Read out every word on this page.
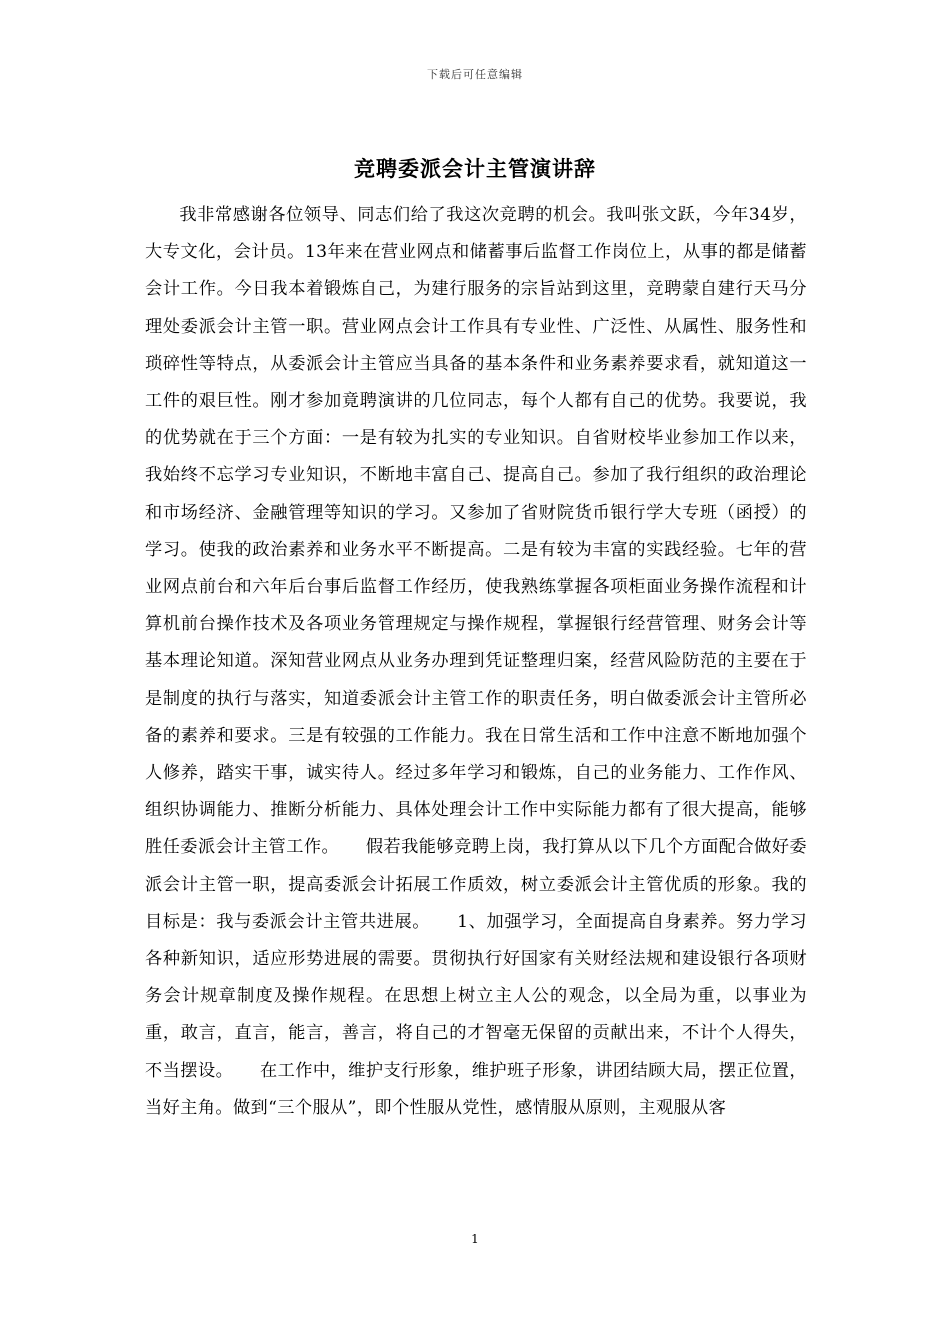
下载后可任意编辑
竞聘委派会计主管演讲辞

我非常感谢各位领导、同志们给了我这次竞聘的机会。我叫张文跃，今年34岁，大专文化，会计员。13年来在营业网点和储蓄事后监督工作岗位上，从事的都是储蓄会计工作。今日我本着锻炼自己，为建行服务的宗旨站到这里，竞聘蒙自建行天马分理处委派会计主管一职。营业网点会计工作具有专业性、广泛性、从属性、服务性和琐碎性等特点，从委派会计主管应当具备的基本条件和业务素养要求看，就知道这一工件的艰巨性。刚才参加竟聘演讲的几位同志，每个人都有自己的优势。我要说，我的优势就在于三个方面：一是有较为扎实的专业知识。自省财校毕业参加工作以来，我始终不忘学习专业知识，不断地丰富自己、提高自己。参加了我行组织的政治理论和市场经济、金融管理等知识的学习。又参加了省财院货币银行学大专班（函授）的学习。使我的政治素养和业务水平不断提高。二是有较为丰富的实践经验。七年的营业网点前台和六年后台事后监督工作经历，使我熟练掌握各项柜面业务操作流程和计算机前台操作技术及各项业务管理规定与操作规程，掌握银行经营管理、财务会计等基本理论知道。深知营业网点从业务办理到凭证整理归案，经营风险防范的主要在于是制度的执行与落实，知道委派会计主管工作的职责任务，明白做委派会计主管所必备的素养和要求。三是有较强的工作能力。我在日常生活和工作中注意不断地加强个人修养，踏实干事，诚实待人。经过多年学习和锻炼，自己的业务能力、工作作风、组织协调能力、推断分析能力、具体处理会计工作中实际能力都有了很大提高，能够胜任委派会计主管工作。　　假若我能够竞聘上岗，我打算从以下几个方面配合做好委派会计主管一职，提高委派会计拓展工作质效，树立委派会计主管优质的形象。我的目标是：我与委派会计主管共进展。　　1、加强学习，全面提高自身素养。努力学习各种新知识，适应形势进展的需要。贯彻执行好国家有关财经法规和建设银行各项财务会计规章制度及操作规程。在思想上树立主人公的观念，以全局为重，以事业为重，敢言，直言，能言，善言，将自己的才智毫无保留的贡献出来，不计个人得失，不当摆设。　　在工作中，维护支行形象，维护班子形象，讲团结顾大局，摆正位置，当好主角。做到“三个服从”，即个性服从党性，感情服从原则，主观服从客

1
